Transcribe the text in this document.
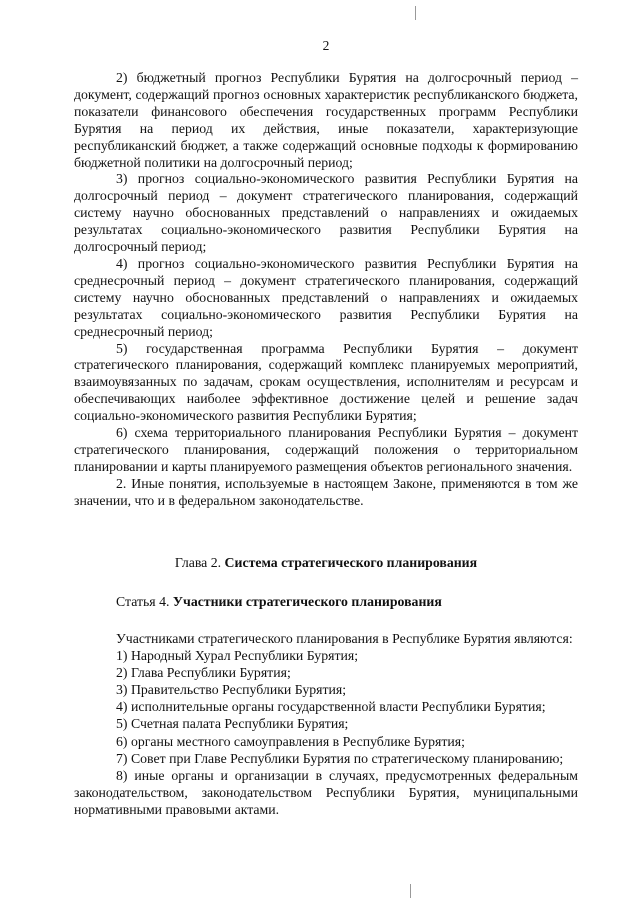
2

2) бюджетный прогноз Республики Бурятия на долгосрочный период – документ, содержащий прогноз основных характеристик республиканского бюджета, показатели финансового обеспечения государственных программ Республики Бурятия на период их действия, иные показатели, характеризующие республиканский бюджет, а также содержащий основные подходы к формированию бюджетной политики на долгосрочный период;

3) прогноз социально-экономического развития Республики Бурятия на долгосрочный период – документ стратегического планирования, содержащий систему научно обоснованных представлений о направлениях и ожидаемых результатах социально-экономического развития Республики Бурятия на долгосрочный период;

4) прогноз социально-экономического развития Республики Бурятия на среднесрочный период – документ стратегического планирования, содержащий систему научно обоснованных представлений о направлениях и ожидаемых результатах социально-экономического развития Республики Бурятия на среднесрочный период;

5) государственная программа Республики Бурятия – документ стратегического планирования, содержащий комплекс планируемых мероприятий, взаимоувязанных по задачам, срокам осуществления, исполнителям и ресурсам и обеспечивающих наиболее эффективное достижение целей и решение задач социально-экономического развития Республики Бурятия;

6) схема территориального планирования Республики Бурятия – документ стратегического планирования, содержащий положения о территориальном планировании и карты планируемого размещения объектов регионального значения.

2. Иные понятия, используемые в настоящем Законе, применяются в том же значении, что и в федеральном законодательстве.

Глава 2. Система стратегического планирования
Статья 4. Участники стратегического планирования

Участниками стратегического планирования в Республике Бурятия являются:

1) Народный Хурал Республики Бурятия;

2) Глава Республики Бурятия;

3) Правительство Республики Бурятия;

4) исполнительные органы государственной власти Республики Бурятия;

5) Счетная палата Республики Бурятия;

6) органы местного самоуправления в Республике Бурятия;

7) Совет при Главе Республики Бурятия по стратегическому планированию;

8) иные органы и организации в случаях, предусмотренных федеральным законодательством, законодательством Республики Бурятия, муниципальными нормативными правовыми актами.
